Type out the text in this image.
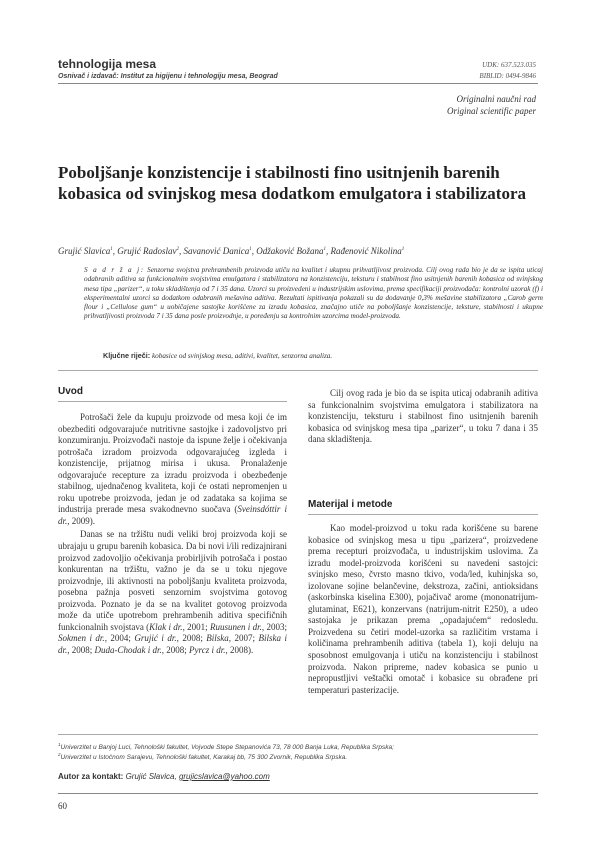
tehnologija mesa
Osnivač i izdavač: Institut za higijenu i tehnologiju mesa, Beograd
UDK: 637.523.035
BIBLID: 0494-9846
Originalni naučni rad
Original scientific paper
Poboljšanje konzistencije i stabilnosti fino usitnjenih barenih kobasica od svinjskog mesa dodatkom emulgatora i stabilizatora
Grujić Slavica$^1$, Grujić Radoslav$^2$, Savanović Danica$^1$, Odžaković Božana$^1$, Rađenović Nikolina$^1$
S a d r ž a j: Senzorna svojstva prehrambenih proizvoda utiču na kvalitet i ukupnu prihvatljivost proizvoda. Cilj ovog rada bio je da se ispita uticaj odabranih aditiva sa funkcionalnim svojstvima emulgatora i stabilizatora na konzistenciju, teksturu i stabilnost fino usitnjenih barenih kobasica od svinjskog mesa tipa „parizer“, u toku skladištenja od 7 i 35 dana. Uzorci su proizvedeni u industrijskim uslovima, prema specifikaciji proizvođača: kontrolni uzorak (f) i eksperimentalni uzorci sa dodatkom odabranih mešavina aditiva. Rezultati ispitivanja pokazali su da dodavanje 0,3% mešavine stabilizatora „Carob germ flour i „Cellulose gum“ u uobičajene sastojke korišćene za izradu kobasica, značajno utiče na poboljšanje konzistencije, teksture, stabilnosti i ukupne prihvatljivosti proizvoda 7 i 35 dana posle proizvodnje, u poređenju sa kontrolnim uzorcima model-proizvoda.
Ključne riječi: kobasice od svinjskog mesa, aditivi, kvalitet, senzorna analiza.
Uvod

Potrošači žele da kupuju proizvode od mesa koji će im obezbediti odgovarajuće nutritivne sastojke i zadovoljstvo pri konzumiranju. Proizvođači nastoje da ispune želje i očekivanja potrošača izradom proizvoda odgovarajućeg izgleda i konzistencije, prijatnog mirisa i ukusa. Pronalaženje odgovarajuće recepture za izradu proizvoda i obezbeđenje stabilnog, ujednačenog kvaliteta, koji će ostati nepromenjen u roku upotrebe proizvoda, jedan je od zadataka sa kojima se industrija prerade mesa svakodnevno suočava (Sveinsdóttir i dr., 2009).

Danas se na tržištu nudi veliki broj proizvoda koji se ubrajaju u grupu barenih kobasica. Da bi novi i/ili redizajnirani proizvod zadovoljio očekivanja probirljivih potrošača i postao konkurentan na tržištu, važno je da se u toku njegove proizvodnje, ili aktivnosti na poboljšanju kvaliteta proizvoda, posebna pažnja posveti senzornim svojstvima gotovog proizvoda. Poznato je da se na kvalitet gotovog proizvoda može da utiče upotrebom prehrambenih aditiva specifičnih funkcionalnih svojstava (Klak i dr., 2001; Ruusunen i dr., 2003; Sokmen i dr., 2004; Grujić i dr., 2008; Bilska, 2007; Bilska i dr., 2008; Duda-Chodak i dr., 2008; Pyrcz i dr., 2008).

Cilj ovog rada je bio da se ispita uticaj odabranih aditiva sa funkcionalnim svojstvima emulgatora i stabilizatora na konzistenciju, teksturu i stabilnost fino usitnjenih barenih kobasica od svinjskog mesa tipa „parizer“, u toku 7 dana i 35 dana skladištenja.

Materijal i metode

Kao model-proizvod u toku rada korišćene su barene kobasice od svinjskog mesa u tipu „parizera“, proizvedene prema recepturi proizvođača, u industrijskim uslovima. Za izradu model-proizvoda korišćeni su navedeni sastojci: svinjsko meso, čvrsto masno tkivo, voda/led, kuhinjska so, izolovane sojine belančevine, dekstroza, začini, antioksidans (askorbinska kiselina E300), pojačivač arome (mononatrijum-glutaminat, E621), konzervans (natrijum-nitrit E250), a udeo sastojaka je prikazan prema „opadajućem“ redosledu. Proizvedena su četiri model-uzorka sa različitim vrstama i količinama prehrambenih aditiva (tabela 1), koji deluju na sposobnost emulgovanja i utiču na konzistenciju i stabilnost proizvoda. Nakon pripreme, nadev kobasica se punio u nepropustljivi veštački omotač i kobasice su obrađene pri temperaturi pasterizacije.

$^1$Univerzitet u Banjoj Luci, Tehnološki fakultet, Vojvode Stepe Stepanovića 73, 78 000 Banja Luka, Republika Srpska;
$^2$Univerzitet u Istočnom Sarajevu, Tehnološki fakultet, Karakaj bb, 75 300 Zvornik, Republika Srpska.
Autor za kontakt: Grujić Slavica, grujicslavica@yahoo.com
60
